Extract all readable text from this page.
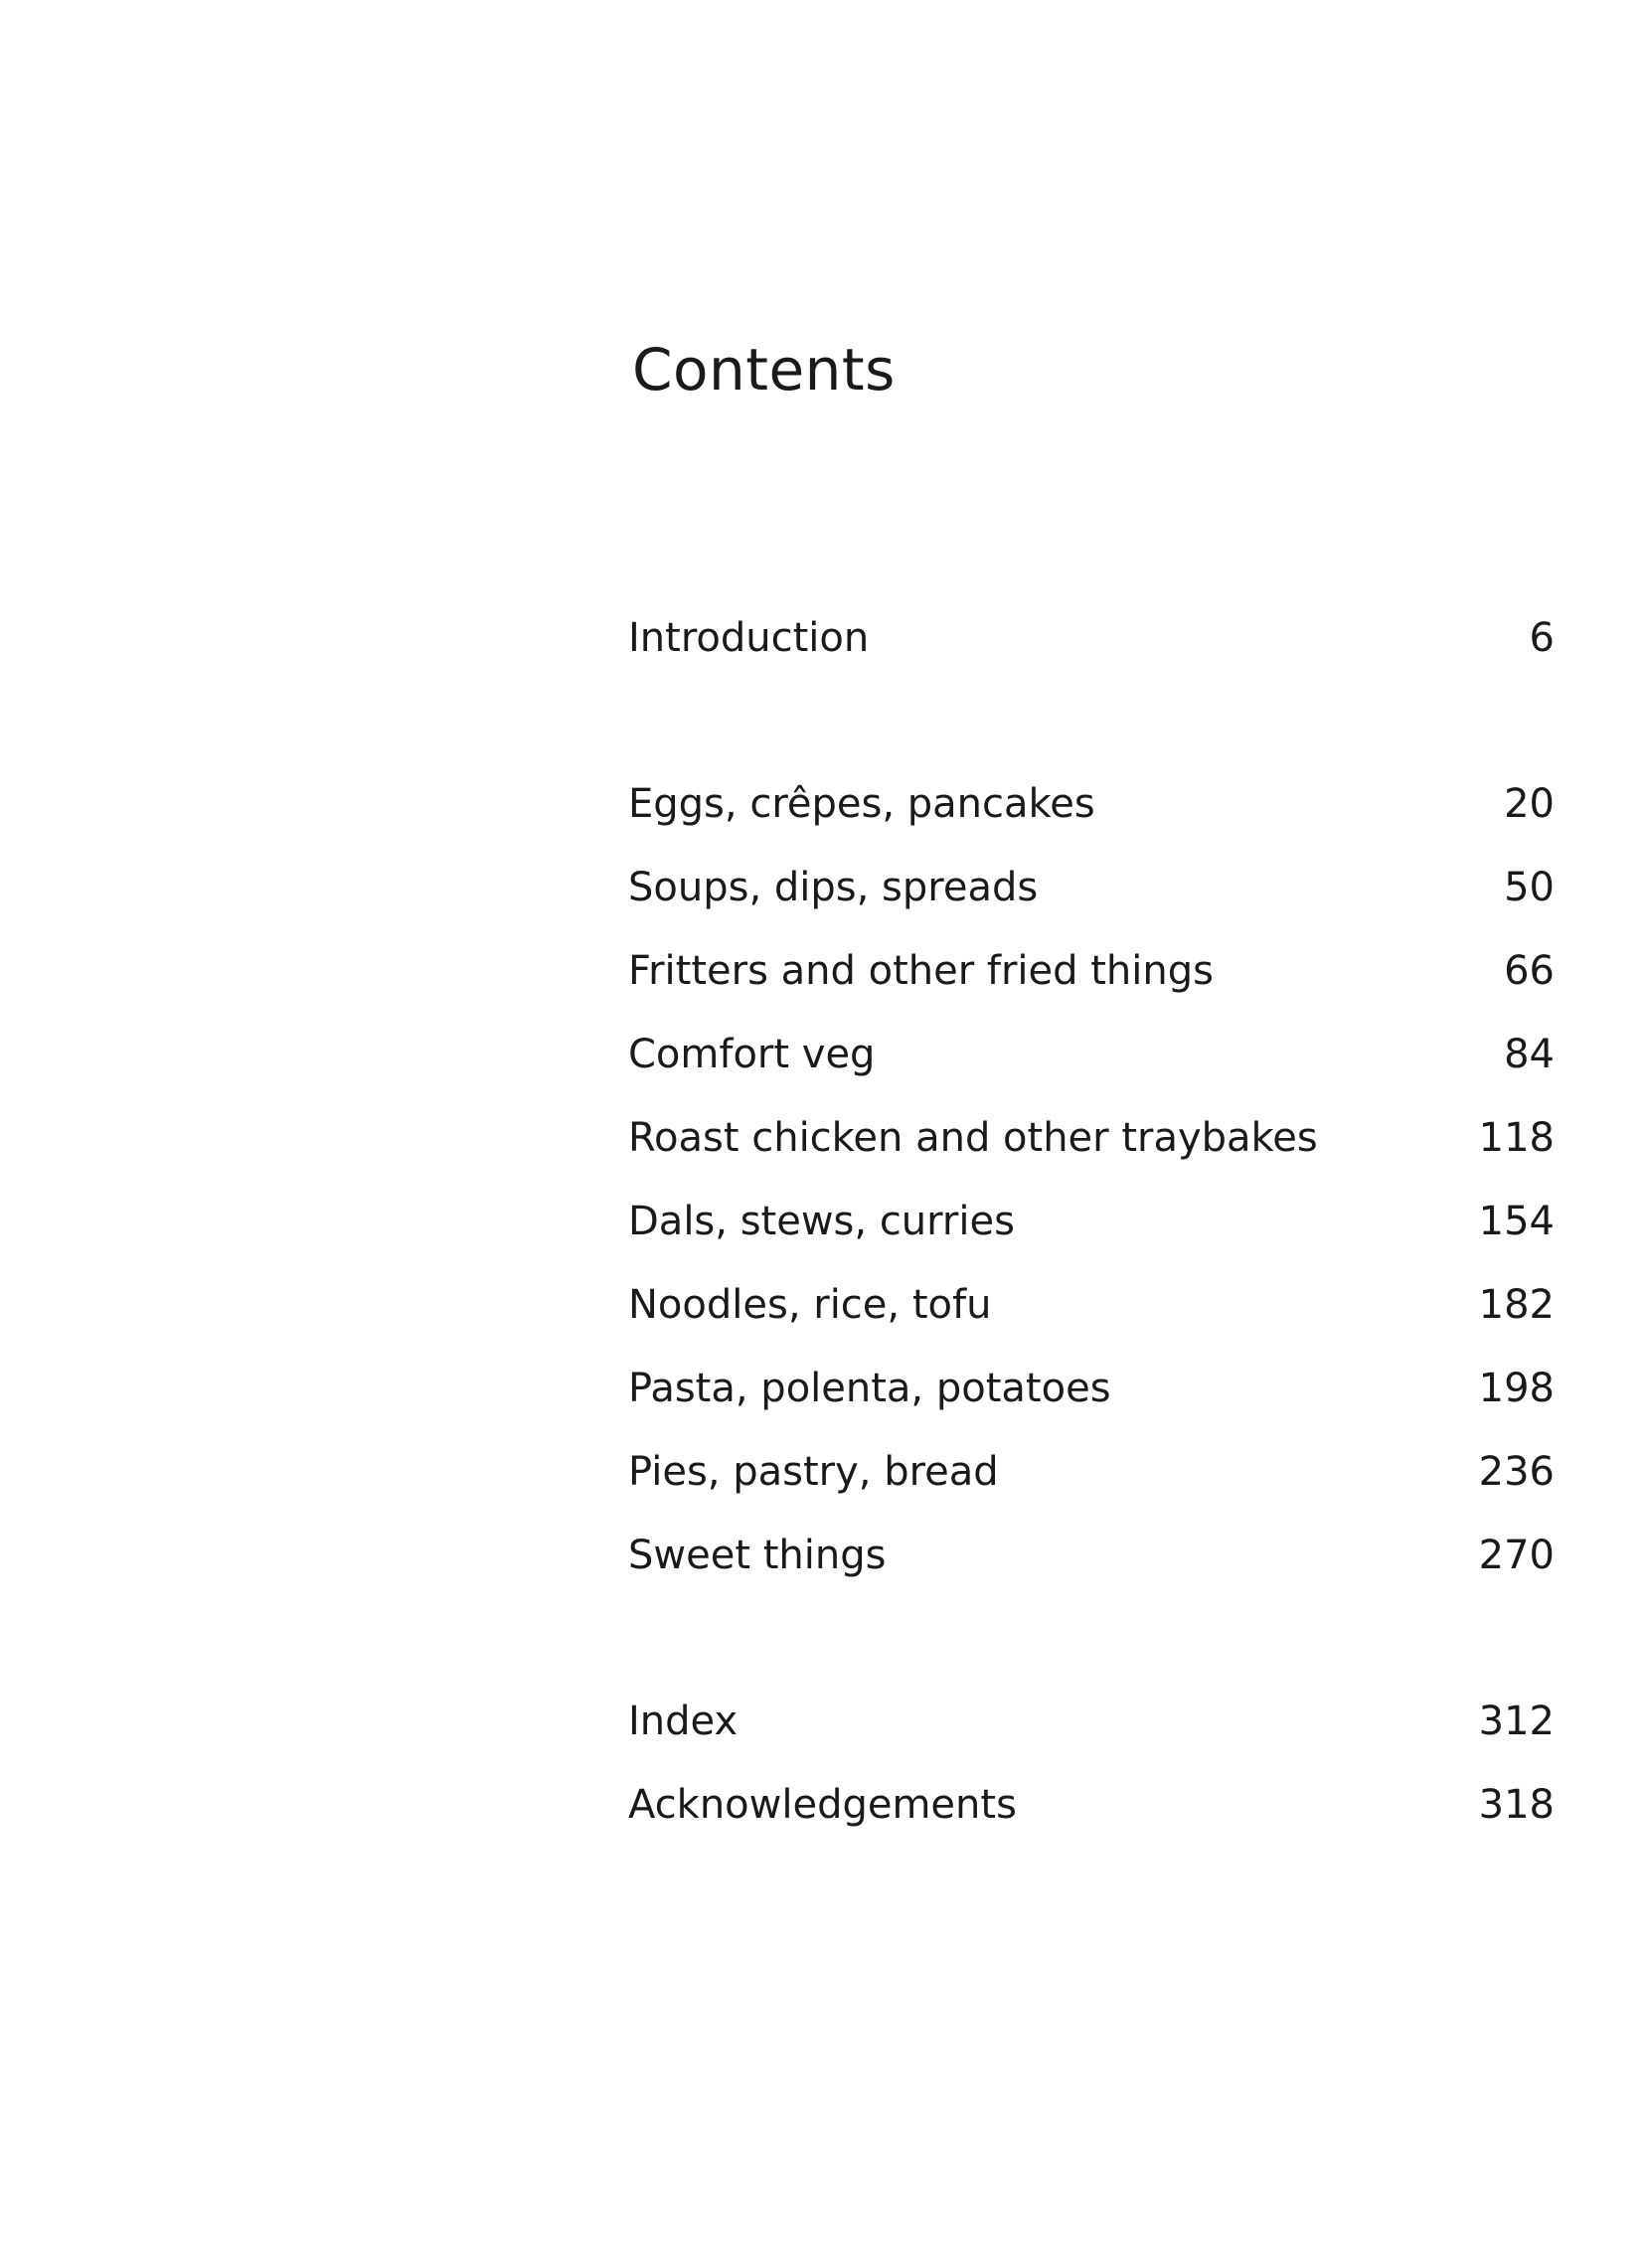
Contents
Introduction	6
Eggs, crêpes, pancakes	20
Soups, dips, spreads	50
Fritters and other fried things	66
Comfort veg	84
Roast chicken and other traybakes	118
Dals, stews, curries	154
Noodles, rice, tofu	182
Pasta, polenta, potatoes	198
Pies, pastry, bread	236
Sweet things	270
Index	312
Acknowledgements	318
